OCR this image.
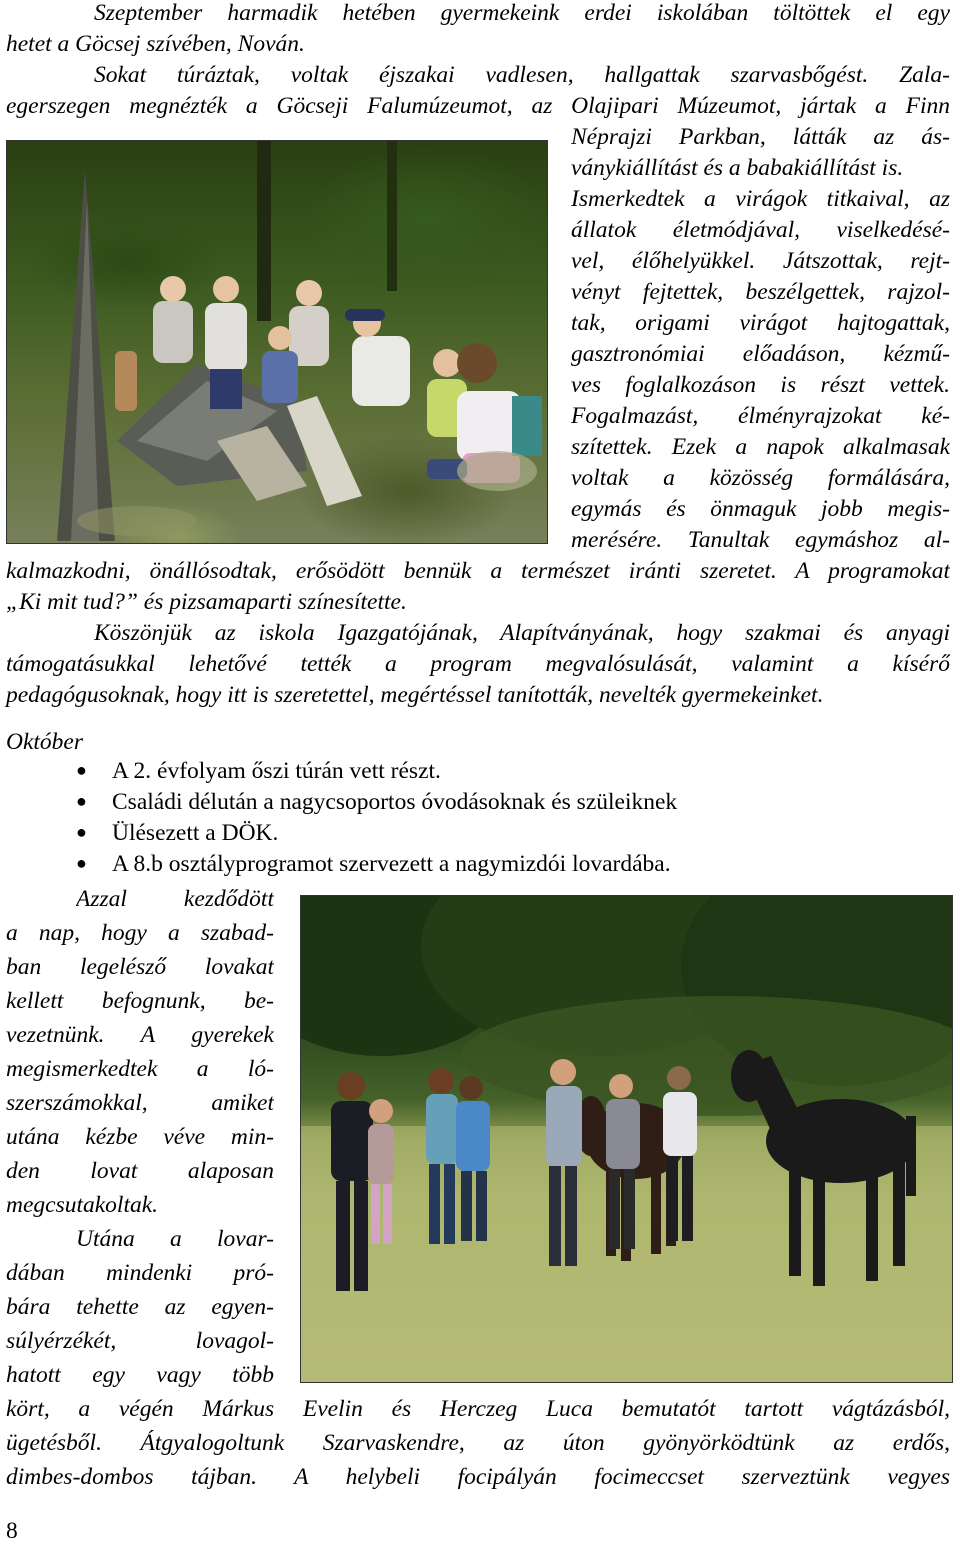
Szeptember harmadik hetében gyermekeink erdei iskolában töltöttek el egy
hetet a Göcsej szívében, Nován.
Sokat túráztak, voltak éjszakai vadlesen, hallgattak szarvasbőgést. Zala-
egerszegen megnézték a Göcseji Falumúzeumot, az Olajipari Múzeumot, jártak a Finn
Néprajzi Parkban, látták az ás-
ványkiállítást és a babakiállítást is.
Ismerkedtek a virágok titkaival, az
állatok életmódjával, viselkedésé-
vel, élőhelyükkel. Játszottak, rejt-
vényt fejtettek, beszélgettek, rajzol-
tak, origami virágot hajtogattak,
gasztronómiai előadáson, kézmű-
ves foglalkozáson is részt vettek.
Fogalmazást, élményrajzokat ké-
szítettek. Ezek a napok alkalmasak
voltak a közösség formálására,
egymás és önmaguk jobb megis-
merésére. Tanultak egymáshoz al-
kalmazkodni, önállósodtak, erősödött bennük a természet iránti szeretet. A programokat
„Ki mit tud?” és pizsamaparti színesítette.
Köszönjük az iskola Igazgatójának, Alapítványának, hogy szakmai és anyagi
támogatásukkal lehetővé tették a program megvalósulását, valamint a kísérő
pedagógusoknak, hogy itt is szeretettel, megértéssel tanították, nevelték gyermekeinket.
Október
● A 2. évfolyam őszi túrán vett részt.
● Családi délután a nagycsoportos óvodásoknak és szüleiknek
● Ülésezett a DÖK.
● A 8.b osztályprogramot szervezett a nagymizdói lovardába.
Azzal kezdődött
a nap, hogy a szabad-
ban legelésző lovakat
kellett befognunk, be-
vezetnünk. A gyerekek
megismerkedtek a ló-
szerszámokkal, amiket
utána kézbe véve min-
den lovat alaposan
megcsutakoltak.
Utána a lovar-
dában mindenki pró-
bára tehette az egyen-
súlyérzékét, lovagol-
hatott egy vagy több
kört, a végén Márkus Evelin és Herczeg Luca bemutatót tartott vágtázásból,
ügetésből. Átgyalogoltunk Szarvaskendre, az úton gyönyörködtünk az erdős,
dimbes-dombos tájban. A helybeli focipályán focimeccset szerveztünk vegyes
8
